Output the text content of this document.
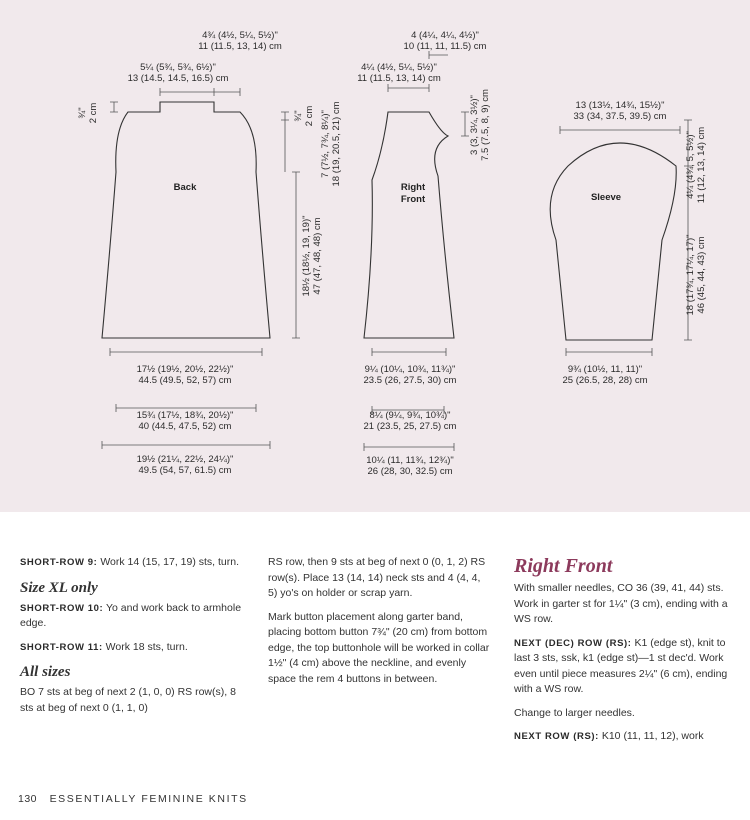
Back	Right
Front	Sleeve
4¾ (4½, 5¼, 5½)"
11 (11.5, 13, 14) cm
5¼ (5¾, 5¾, 6½)"
13 (14.5, 14.5, 16.5) cm
¾" 2 cm	¾" 2 cm 7 (7½, 7¾, 8¼)" 18 (19, 20.5, 21) cm
18½ (18½, 19, 19)" 47 (47, 48, 48) cm
17½ (19½, 20½, 22½)"
44.5 (49.5, 52, 57) cm
15¾ (17½, 18¾, 20½)"
40 (44.5, 47.5, 52) cm
19½ (21¼, 22½, 24¼)"
49.5 (54, 57, 61.5) cm
4 (4¼, 4¼, 4½)"
10 (11, 11, 11.5) cm
4¼ (4½, 5¼, 5½)"
11 (11.5, 13, 14) cm
3 (3, 3¼, 3½)" 7.5 (7.5, 8, 9) cm
9¼ (10¼, 10¾, 11¾)"
23.5 (26, 27.5, 30) cm
8¼ (9¼, 9¾, 10¾)"
21 (23.5, 25, 27.5) cm
10¼ (11, 11¾, 12¾)"
26 (28, 30, 32.5) cm
13 (13½, 14¾, 15½)"
33 (34, 37.5, 39.5) cm
4¼ (4¾, 5, 5½)" 11 (12, 13, 14) cm
18 (17¾, 17¼, 17)" 46 (45, 44, 43) cm
9¾ (10½, 11, 11)"
25 (26.5, 28, 28) cm

SHORT-ROW 9: Work 14 (15, 17, 19) sts, turn.

Size XL only

SHORT-ROW 10: Yo and work back to armhole edge.

SHORT-ROW 11: Work 18 sts, turn.

All sizes

BO 7 sts at beg of next 2 (1, 0, 0) RS row(s), 8 sts at beg of next 0 (1, 1, 0)

RS row, then 9 sts at beg of next 0 (0, 1, 2) RS row(s). Place 13 (14, 14) neck sts and 4 (4, 4, 5) yo's on holder or scrap yarn.

Mark button placement along garter band, placing bottom button 7¾" (20 cm) from bottom edge, the top buttonhole will be worked in collar 1½" (4 cm) above the neckline, and evenly space the rem 4 buttons in between.

Right Front

With smaller needles, CO 36 (39, 41, 44) sts. Work in garter st for 1¼" (3 cm), ending with a WS row.

NEXT (DEC) ROW (RS): K1 (edge st), knit to last 3 sts, ssk, k1 (edge st)—1 st dec'd. Work even until piece measures 2¼" (6 cm), ending with a WS row.

Change to larger needles.

NEXT ROW (RS): K10 (11, 11, 12), work

130 ESSENTIALLY FEMININE KNITS
